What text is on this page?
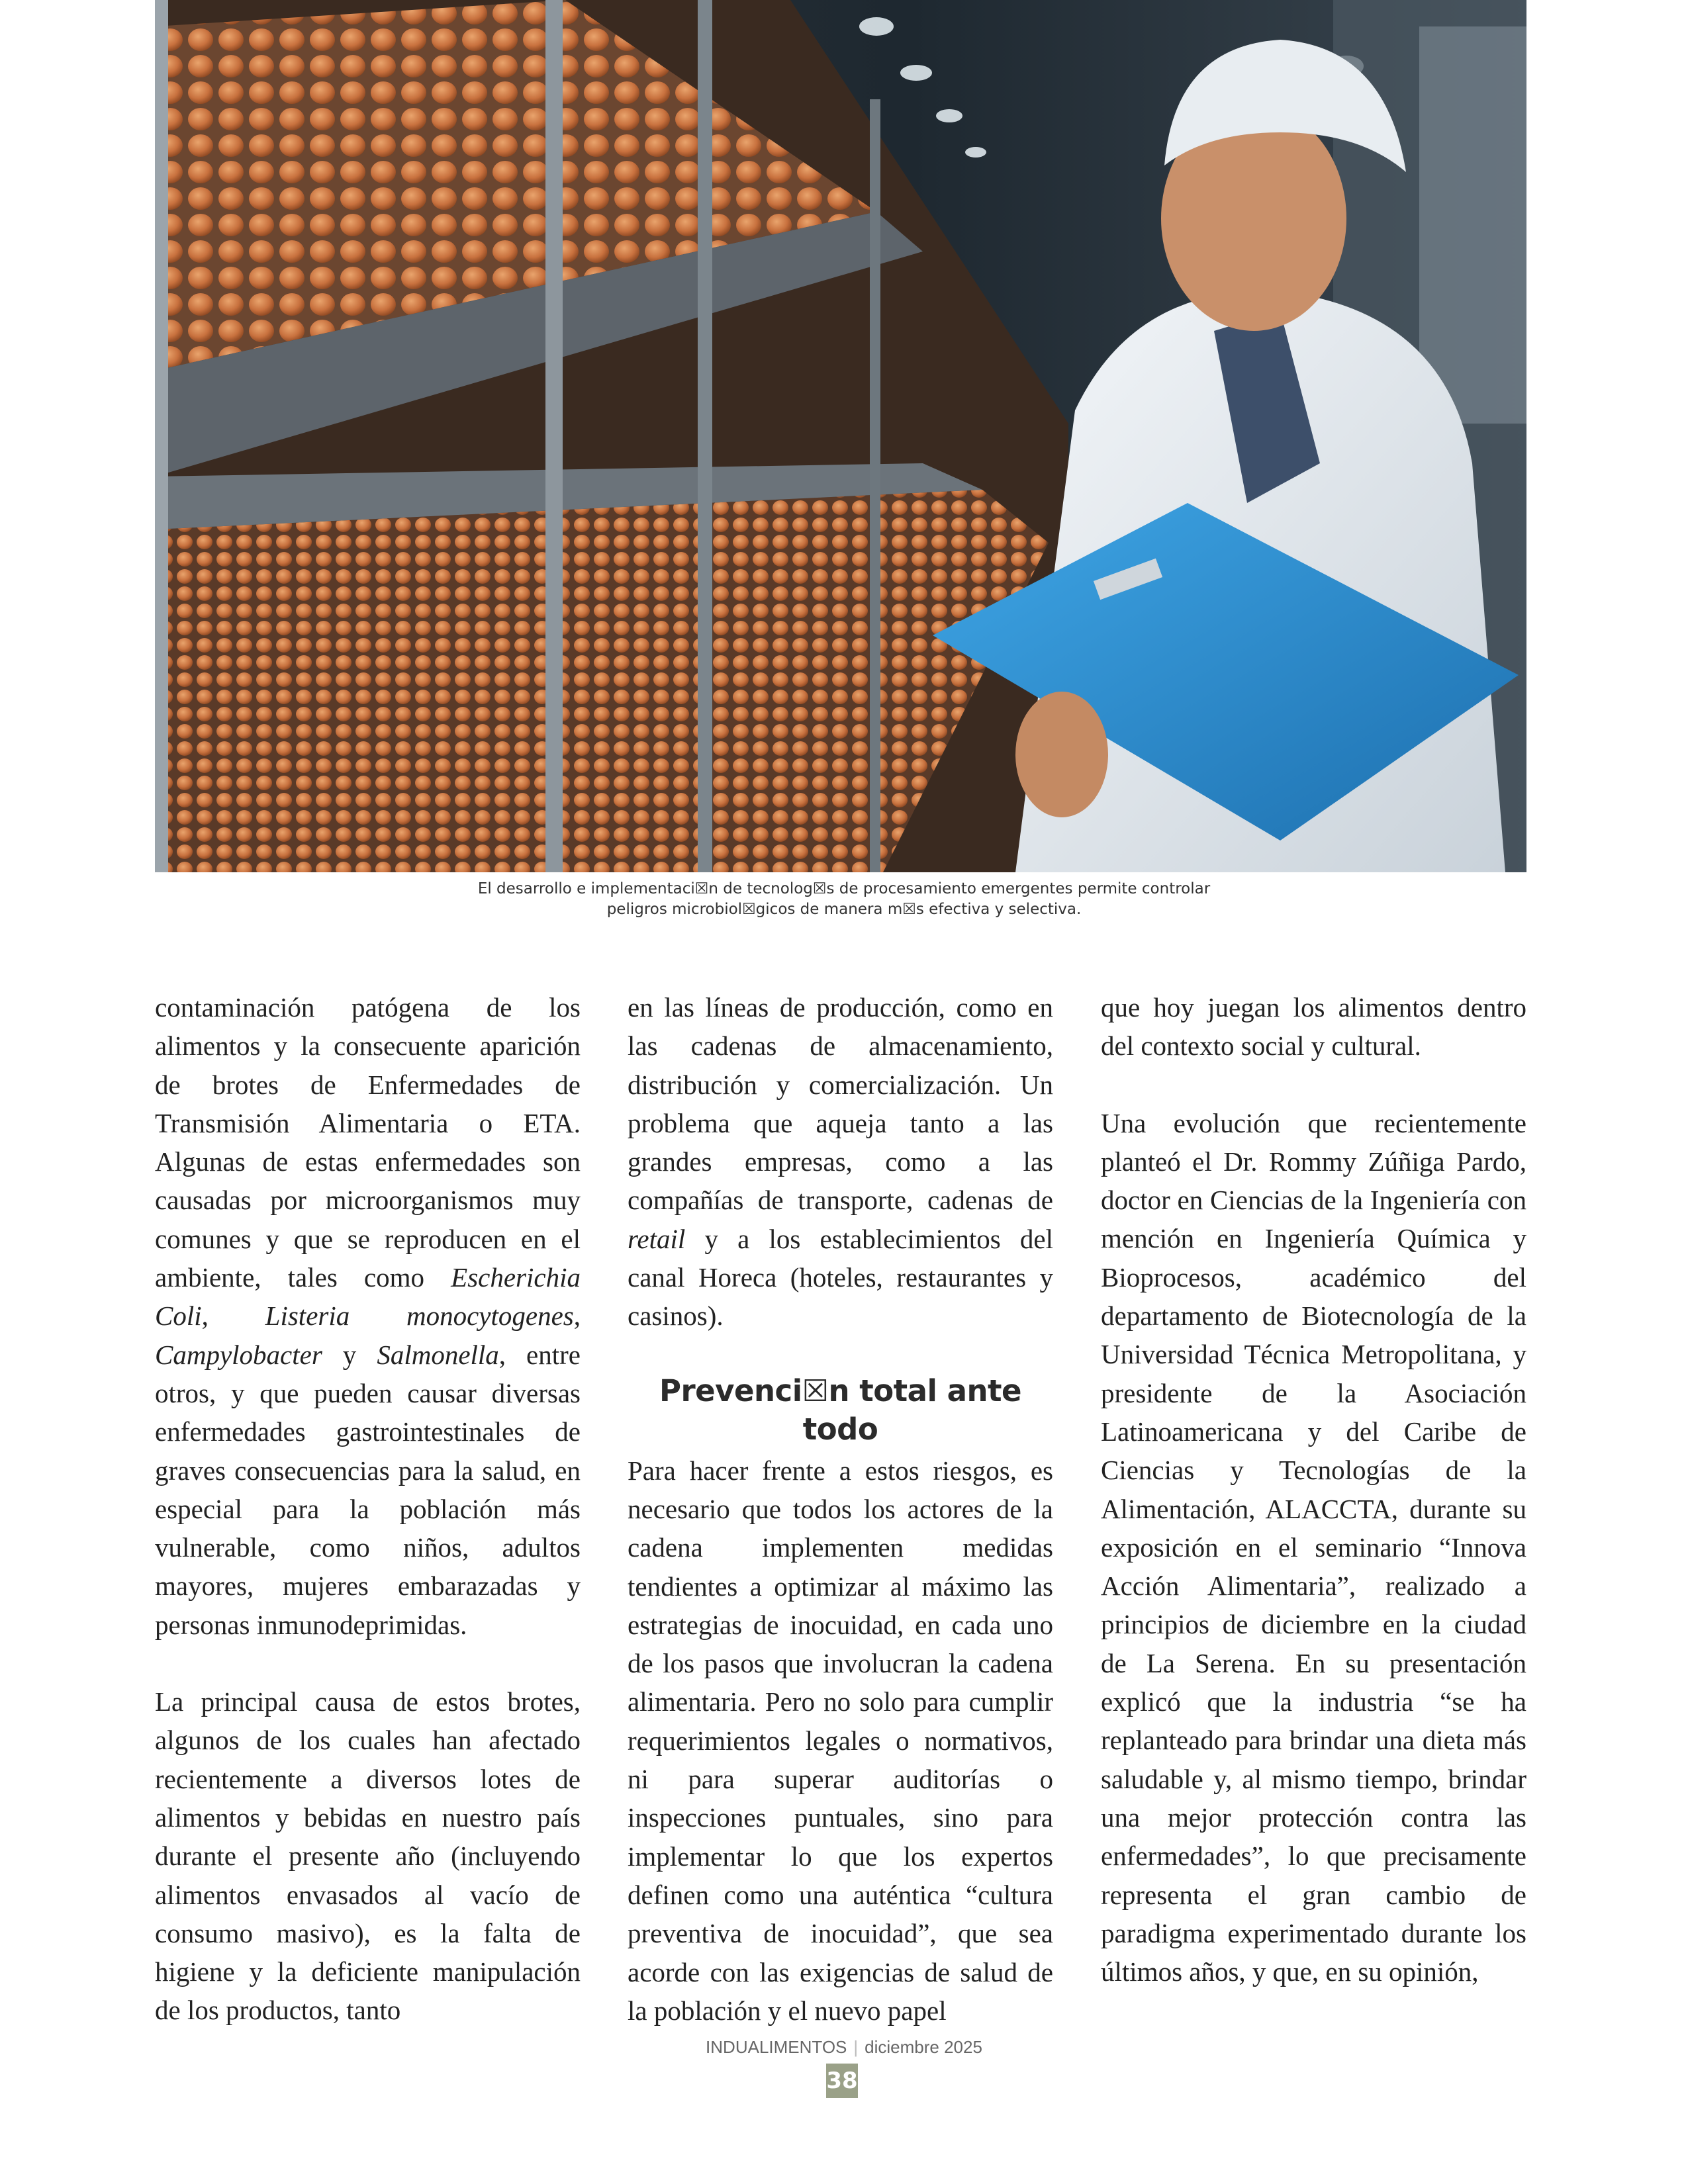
El desarrollo e implementaci☒n de tecnolog☒s de procesamiento emergentes permite controlar
peligros microbiol☒gicos de manera m☒s efectiva y selectiva.

contaminación patógena de los alimentos y la consecuente aparición de brotes de Enfermedades de Transmisión Alimentaria o ETA. Algunas de estas enfermedades son causadas por microorganismos muy comunes y que se reproducen en el ambiente, tales como Escherichia Coli, Listeria monocytogenes, Campylobacter y Salmonella, entre otros, y que pueden causar diversas enfermedades gastrointestinales de graves consecuencias para la salud, en especial para la población más vulnerable, como niños, adultos mayores, mujeres embarazadas y personas inmunodeprimidas.

La principal causa de estos brotes, algunos de los cuales han afectado recientemente a diversos lotes de alimentos y bebidas en nuestro país durante el presente año (incluyendo alimentos envasados al vacío de consumo masivo), es la falta de higiene y la deficiente manipulación de los productos, tanto

en las líneas de producción, como en las cadenas de almacenamiento, distribución y comercialización. Un problema que aqueja tanto a las grandes empresas, como a las compañías de transporte, cadenas de retail y a los establecimientos del canal Horeca (hoteles, restaurantes y casinos).

Prevenci☒n total ante todo

Para hacer frente a estos riesgos, es necesario que todos los actores de la cadena implementen medidas tendientes a optimizar al máximo las estrategias de inocuidad, en cada uno de los pasos que involucran la cadena alimentaria. Pero no solo para cumplir requerimientos legales o normativos, ni para superar auditorías o inspecciones puntuales, sino para implementar lo que los expertos definen como una auténtica “cultura preventiva de inocuidad”, que sea acorde con las exigencias de salud de la población y el nuevo papel

que hoy juegan los alimentos dentro del contexto social y cultural.

Una evolución que recientemente planteó el Dr. Rommy Zúñiga Pardo, doctor en Ciencias de la Ingeniería con mención en Ingeniería Química y Bioprocesos, académico del departamento de Biotecnología de la Universidad Técnica Metropolitana, y presidente de la Asociación Latinoamericana y del Caribe de Ciencias y Tecnologías de la Alimentación, ALACCTA, durante su exposición en el seminario “Innova Acción Alimentaria”, realizado a principios de diciembre en la ciudad de La Serena. En su presentación explicó que la industria “se ha replanteado para brindar una dieta más saludable y, al mismo tiempo, brindar una mejor protección contra las enfermedades”, lo que precisamente representa el gran cambio de paradigma experimentado durante los últimos años, y que, en su opinión,

INDUALIMENTOS | diciembre 2025
38
